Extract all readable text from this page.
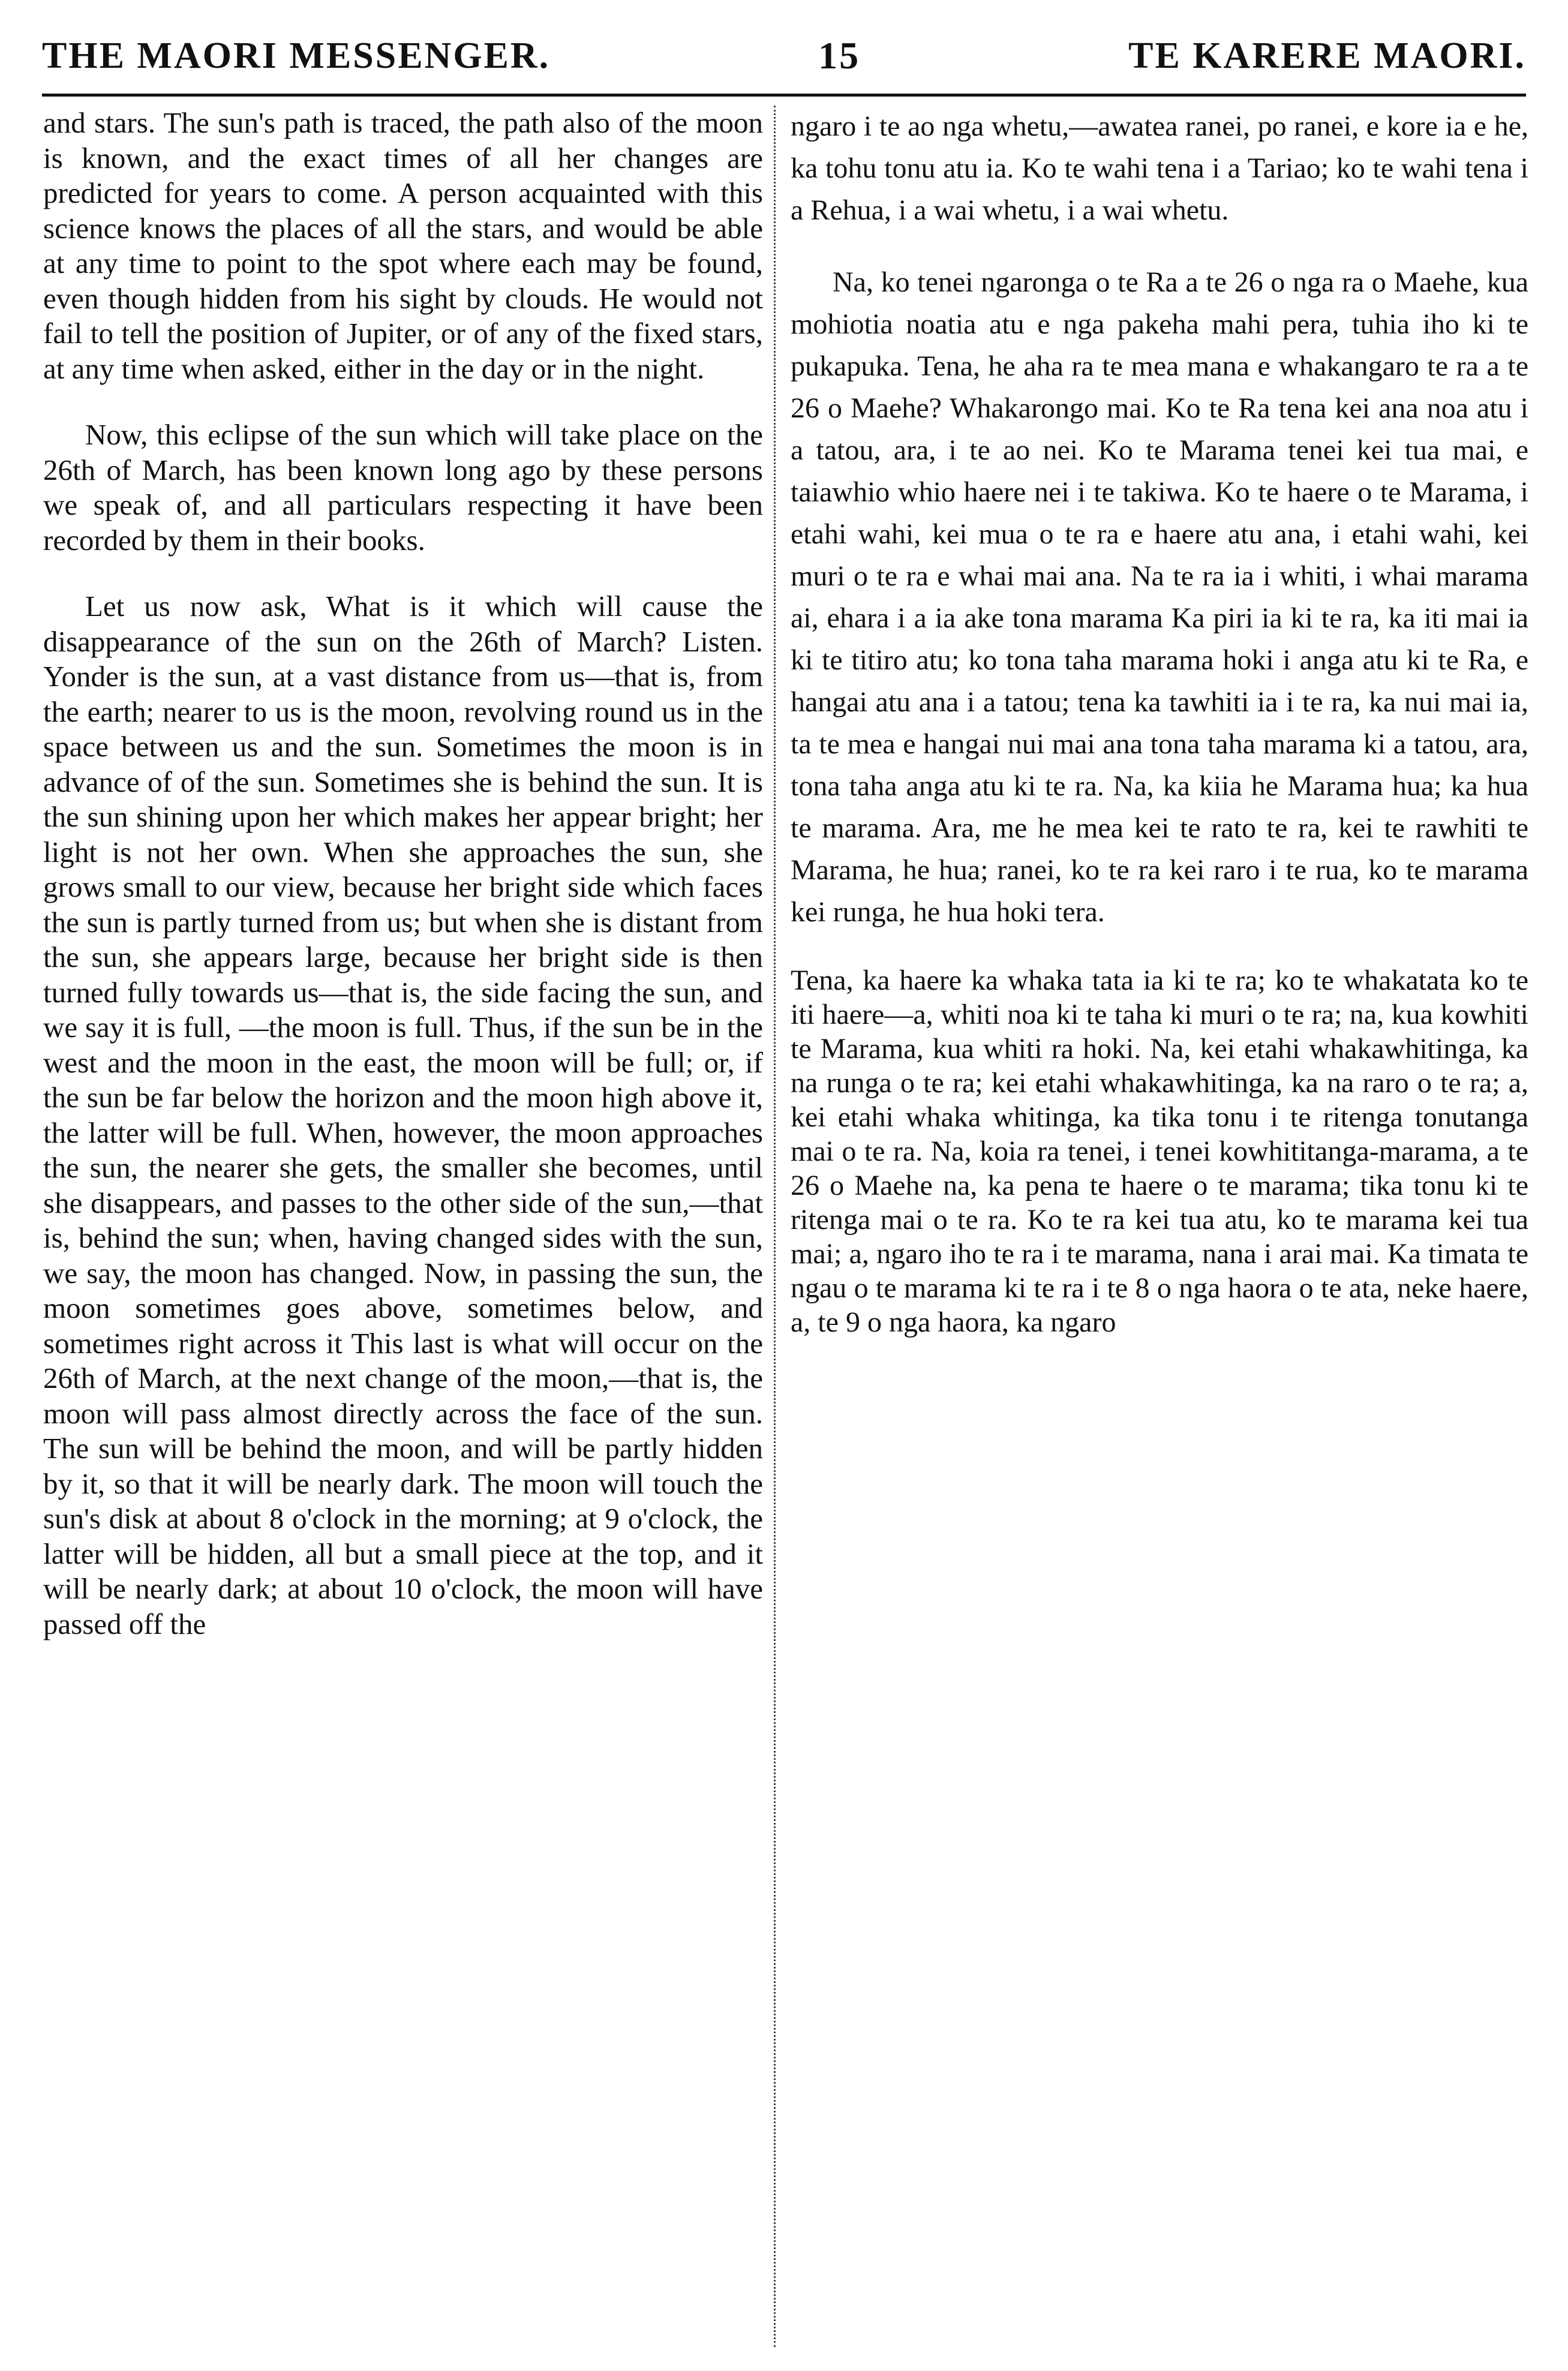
THE MAORI MESSENGER.	15	TE KARERE MAORI.

and stars. The sun's path is traced, the path also of the moon is known, and the exact times of all her changes are predicted for years to come. A person acquainted with this science knows the places of all the stars, and would be able at any time to point to the spot where each may be found, even though hidden from his sight by clouds. He would not fail to tell the position of Jupiter, or of any of the fixed stars, at any time when asked, either in the day or in the night.

Now, this eclipse of the sun which will take place on the 26th of March, has been known long ago by these persons we speak of, and all particulars respecting it have been recorded by them in their books.

Let us now ask, What is it which will cause the disappearance of the sun on the 26th of March? Listen. Yonder is the sun, at a vast distance from us—that is, from the earth; nearer to us is the moon, revolving round us in the space between us and the sun. Sometimes the moon is in advance of of the sun. Sometimes she is behind the sun. It is the sun shining upon her which makes her appear bright; her light is not her own. When she approaches the sun, she grows small to our view, because her bright side which faces the sun is partly turned from us; but when she is distant from the sun, she appears large, because her bright side is then turned fully towards us—that is, the side facing the sun, and we say it is full, —the moon is full. Thus, if the sun be in the west and the moon in the east, the moon will be full; or, if the sun be far below the horizon and the moon high above it, the latter will be full. When, however, the moon approaches the sun, the nearer she gets, the smaller she becomes, until she disappears, and passes to the other side of the sun,—that is, behind the sun; when, having changed sides with the sun, we say, the moon has changed. Now, in passing the sun, the moon sometimes goes above, sometimes below, and sometimes right across it This last is what will occur on the 26th of March, at the next change of the moon,—that is, the moon will pass almost directly across the face of the sun. The sun will be behind the moon, and will be partly hidden by it, so that it will be nearly dark. The moon will touch the sun's disk at about 8 o'clock in the morning; at 9 o'clock, the latter will be hidden, all but a small piece at the top, and it will be nearly dark; at about 10 o'clock, the moon will have passed off the

ngaro i te ao nga whetu,—awatea ranei, po ranei, e kore ia e he, ka tohu tonu atu ia. Ko te wahi tena i a Tariao; ko te wahi tena i a Rehua, i a wai whetu, i a wai whetu.

Na, ko tenei ngaronga o te Ra a te 26 o nga ra o Maehe, kua mohiotia noatia atu e nga pakeha mahi pera, tuhia iho ki te pukapuka. Tena, he aha ra te mea mana e whakangaro te ra a te 26 o Maehe? Whakarongo mai. Ko te Ra tena kei ana noa atu i a tatou, ara, i te ao nei. Ko te Marama tenei kei tua mai, e taiawhio whio haere nei i te takiwa. Ko te haere o te Marama, i etahi wahi, kei mua o te ra e haere atu ana, i etahi wahi, kei muri o te ra e whai mai ana. Na te ra ia i whiti, i whai marama ai, ehara i a ia ake tona marama Ka piri ia ki te ra, ka iti mai ia ki te titiro atu; ko tona taha marama hoki i anga atu ki te Ra, e hangai atu ana i a tatou; tena ka tawhiti ia i te ra, ka nui mai ia, ta te mea e hangai nui mai ana tona taha marama ki a tatou, ara, tona taha anga atu ki te ra. Na, ka kiia he Marama hua; ka hua te marama. Ara, me he mea kei te rato te ra, kei te rawhiti te Marama, he hua; ranei, ko te ra kei raro i te rua, ko te marama kei runga, he hua hoki tera.

Tena, ka haere ka whaka tata ia ki te ra; ko te whakatata ko te iti haere—a, whiti noa ki te taha ki muri o te ra; na, kua kowhiti te Marama, kua whiti ra hoki. Na, kei etahi whakawhitinga, ka na runga o te ra; kei etahi whakawhitinga, ka na raro o te ra; a, kei etahi whaka whitinga, ka tika tonu i te ritenga tonutanga mai o te ra. Na, koia ra tenei, i tenei kowhititanga-marama, a te 26 o Maehe na, ka pena te haere o te marama; tika tonu ki te ritenga mai o te ra. Ko te ra kei tua atu, ko te marama kei tua mai; a, ngaro iho te ra i te marama, nana i arai mai. Ka timata te ngau o te marama ki te ra i te 8 o nga haora o te ata, neke haere, a, te 9 o nga haora, ka ngaro
